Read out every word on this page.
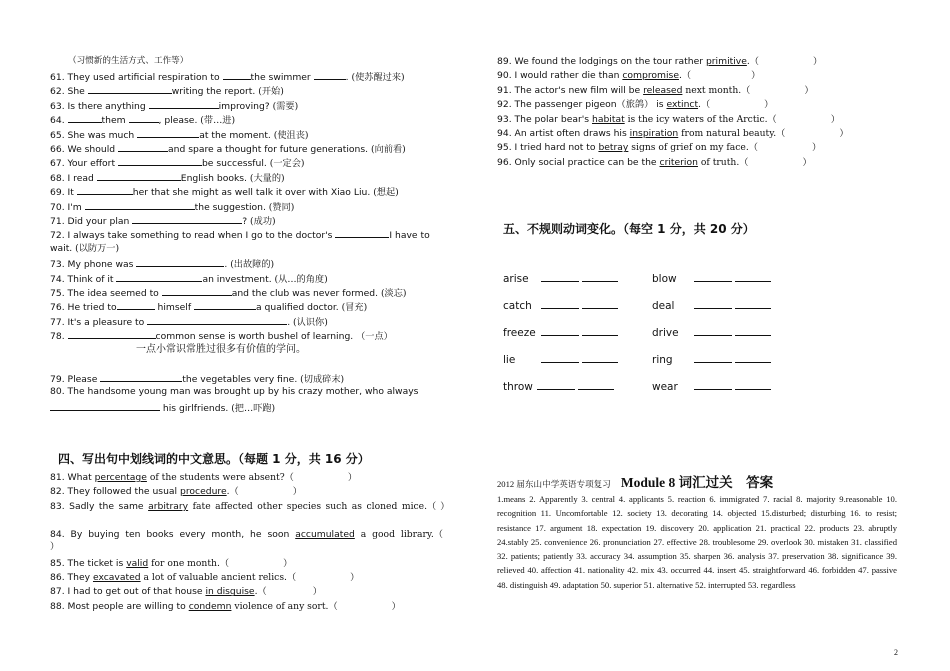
（习惯新的生活方式、工作等）
61. They used artificial respiration to	the swimmer	. (使苏醒过来)
62. She	writing the report. (开始)
63. Is there anything	improving? (需要)
64.	them	, please. (带…进)
65. She was much	at the moment. (使沮丧)
66. We should	and spare a thought for future generations. (向前看)
67. Your effort	be successful. (一定会)
68. I read	English books. (大量的)
69. It	her that she might as well talk it over with Xiao Liu. (想起)
70. I'm	the suggestion. (赞同)
71. Did your plan	? (成功)
72. I always take something to read when I go to the doctor's	I have to
wait. (以防万一)
73. My phone was	. (出故障的)
74. Think of it	an investment. (从…的角度)
75. The idea seemed to	and the club was never formed. (淡忘)
76. He tried to	himself	a qualified doctor. (冒充)
77. It's a pleasure to	. (认识你)
78.	common sense is worth bushel of learning. （一点）
一点小常识常胜过很多有价值的学问。
79. Please	the vegetables very fine. (切成碎末)
80. The handsome young man was brought up by his crazy mother, who always
his girlfriends. (把…吓跑)
四、写出句中划线词的中文意思。（每题 1 分，共 16 分）
81. What percentage of the students were absent?（	）
82. They followed the usual procedure.（	）
83. Sadly the same arbitrary fate affected other species such as cloned mice.（ ）
84. By buying ten books every month, he soon accumulated a good library.（）
85. The ticket is valid for one month.（	）
86. They excavated a lot of valuable ancient relics.（	）
87. I had to get out of that house in disguise.（	）
88. Most people are willing to condemn violence of any sort.（	）
89. We found the lodgings on the tour rather primitive.（	）
90. I would rather die than compromise.（	）
91. The actor's new film will be released next month.（	）
92. The passenger pigeon（旅鸽） is extinct.（	）
93. The polar bear's habitat is the icy waters of the Arctic.（	）
94. An artist often draws his inspiration from natural beauty.（	）
95. I tried hard not to betray signs of grief on my face.（	）
96. Only social practice can be the criterion of truth.（	）
五、不规则动词变化。（每空 1 分，共 20 分）
arise	blow
catch	deal
freeze	drive
lie	ring
throw	wear
2012 届东山中学英语专项复习 Module 8 词汇过关    答案
1.means 2. Apparently 3. central 4. applicants 5. reaction 6. immigrated 7. racial 8. majority 9.reasonable 10. recognition 11. Uncomfortable 12. society 13. decorating 14. objected 15.disturbed; disturbing 16. to resist; resistance 17. argument 18. expectation 19. discovery 20. application 21. practical 22. products 23. abruptly 24.stably 25. convenience 26. pronunciation 27. effective 28. troublesome 29. overlook 30. mistaken 31. classified 32. patients; patiently 33. accuracy 34. assumption 35. sharpen 36. analysis 37. preservation 38. significance 39. relieved 40. affection 41. nationality 42. mix 43. occurred 44. insert 45. straightforward 46. forbidden 47. passive 48. distinguish 49. adaptation 50. superior 51. alternative 52. interrupted 53. regardless
2
